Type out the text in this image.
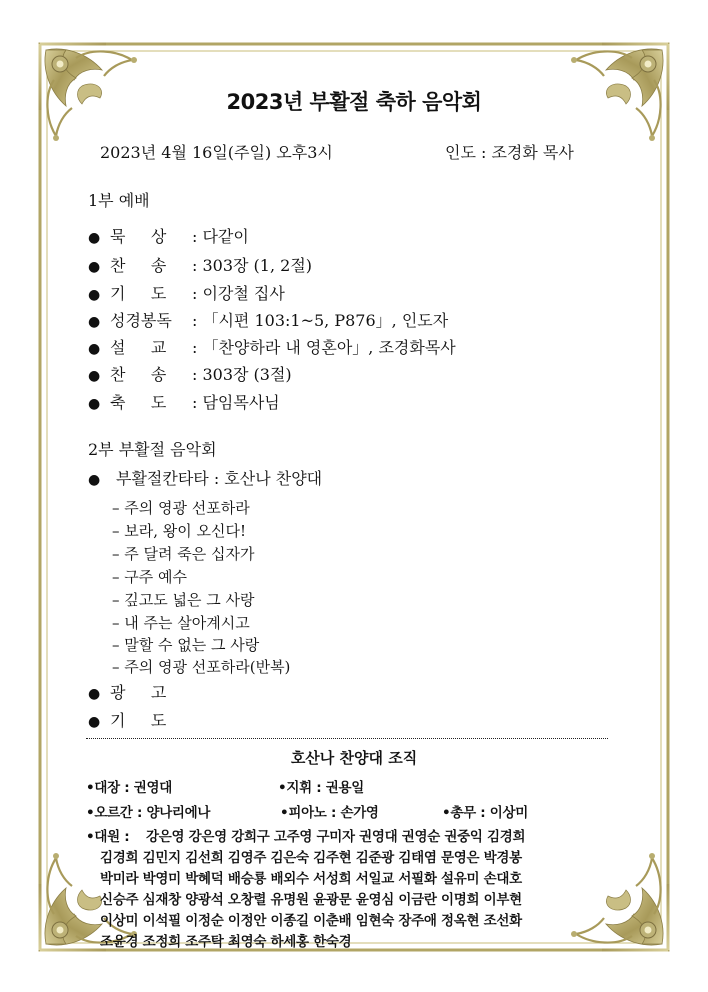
2023년 부활절 축하 음악회
2023년 4월 16일(주일) 오후3시	인도 : 조경화 목사
1부 예배
● 묵     상 : 다같이
● 찬     송 : 303장 (1, 2절)
● 기     도 : 이강철 집사
● 성경봉독 : 「시편 103:1~5, P876」, 인도자
● 설     교 : 「찬양하라 내 영혼아」, 조경화목사
● 찬     송 : 303장 (3절)
● 축     도 : 담임목사님
2부 부활절 음악회
● 부활절칸타타 : 호산나 찬양대
– 주의 영광 선포하라
– 보라, 왕이 오신다!
– 주 달려 죽은 십자가
– 구주 예수
– 깊고도 넓은 그 사랑
– 내 주는 살아계시고
– 말할 수 없는 그 사랑
– 주의 영광 선포하라(반복)
● 광     고
● 기     도
호산나 찬양대 조직
•대장 : 권영대	•지휘 : 권용일
•오르간 : 양나리에나	•피아노 : 손가영	•총무 : 이상미
•대원 : 강은영 강은영 강희구 고주영 구미자 권영대 권영순 권중익 김경희
김경희 김민지 김선희 김영주 김은숙 김주현 김준광 김태염 문영은 박경봉
박미라 박영미 박혜덕 배승룡 배외수 서성희 서일교 서필화 설유미 손대호
신승주 심재창 양광석 오창렬 유명원 윤광문 윤영심 이금란 이명희 이부현
이상미 이석필 이정순 이정안 이종길 이춘배 임현숙 장주애 정옥현 조선화
조윤경 조정희 조주탁 최영숙 하세홍 한숙경
